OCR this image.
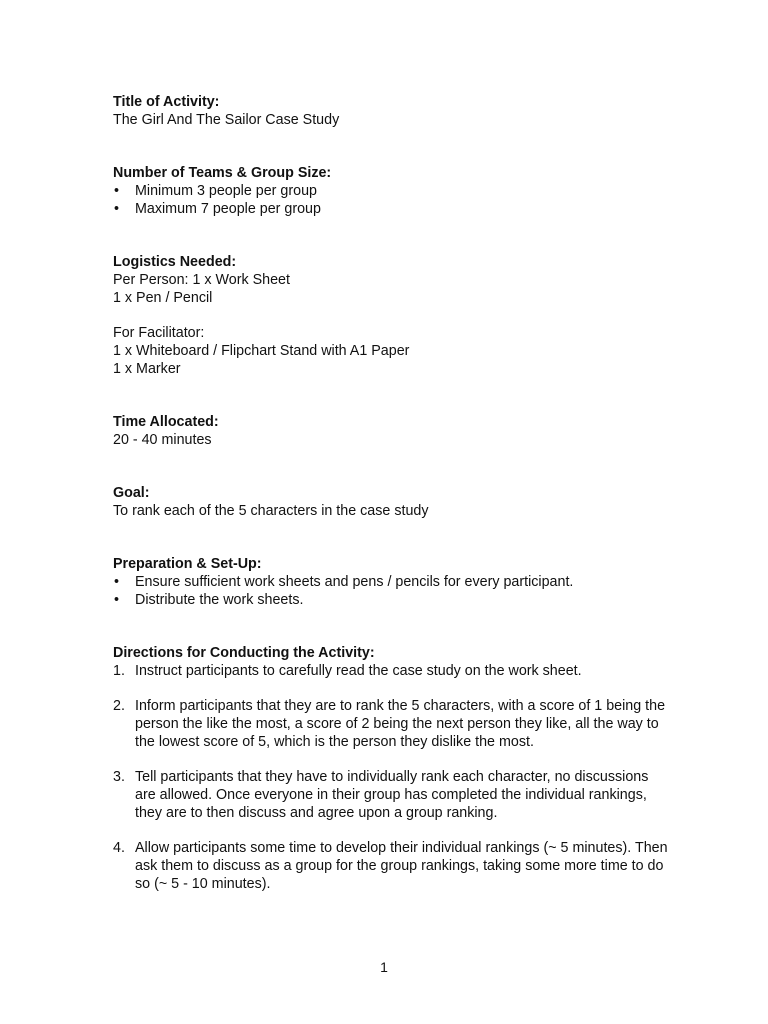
Title of Activity:
The Girl And The Sailor Case Study
Number of Teams & Group Size:
• Minimum 3 people per group
• Maximum 7 people per group
Logistics Needed:
Per Person: 1 x Work Sheet
1 x Pen / Pencil
For Facilitator:
1 x Whiteboard / Flipchart Stand with A1 Paper
1 x Marker
Time Allocated:
20 - 40 minutes
Goal:
To rank each of the 5 characters in the case study
Preparation & Set-Up:
• Ensure sufficient work sheets and pens / pencils for every participant.
• Distribute the work sheets.
Directions for Conducting the Activity:
1. Instruct participants to carefully read the case study on the work sheet.
2. Inform participants that they are to rank the 5 characters, with a score of 1 being the person the like the most, a score of 2 being the next person they like, all the way to the lowest score of 5, which is the person they dislike the most.
3. Tell participants that they have to individually rank each character, no discussions are allowed. Once everyone in their group has completed the individual rankings, they are to then discuss and agree upon a group ranking.
4. Allow participants some time to develop their individual rankings (~ 5 minutes). Then ask them to discuss as a group for the group rankings, taking some more time to do so (~ 5 - 10 minutes).
1
